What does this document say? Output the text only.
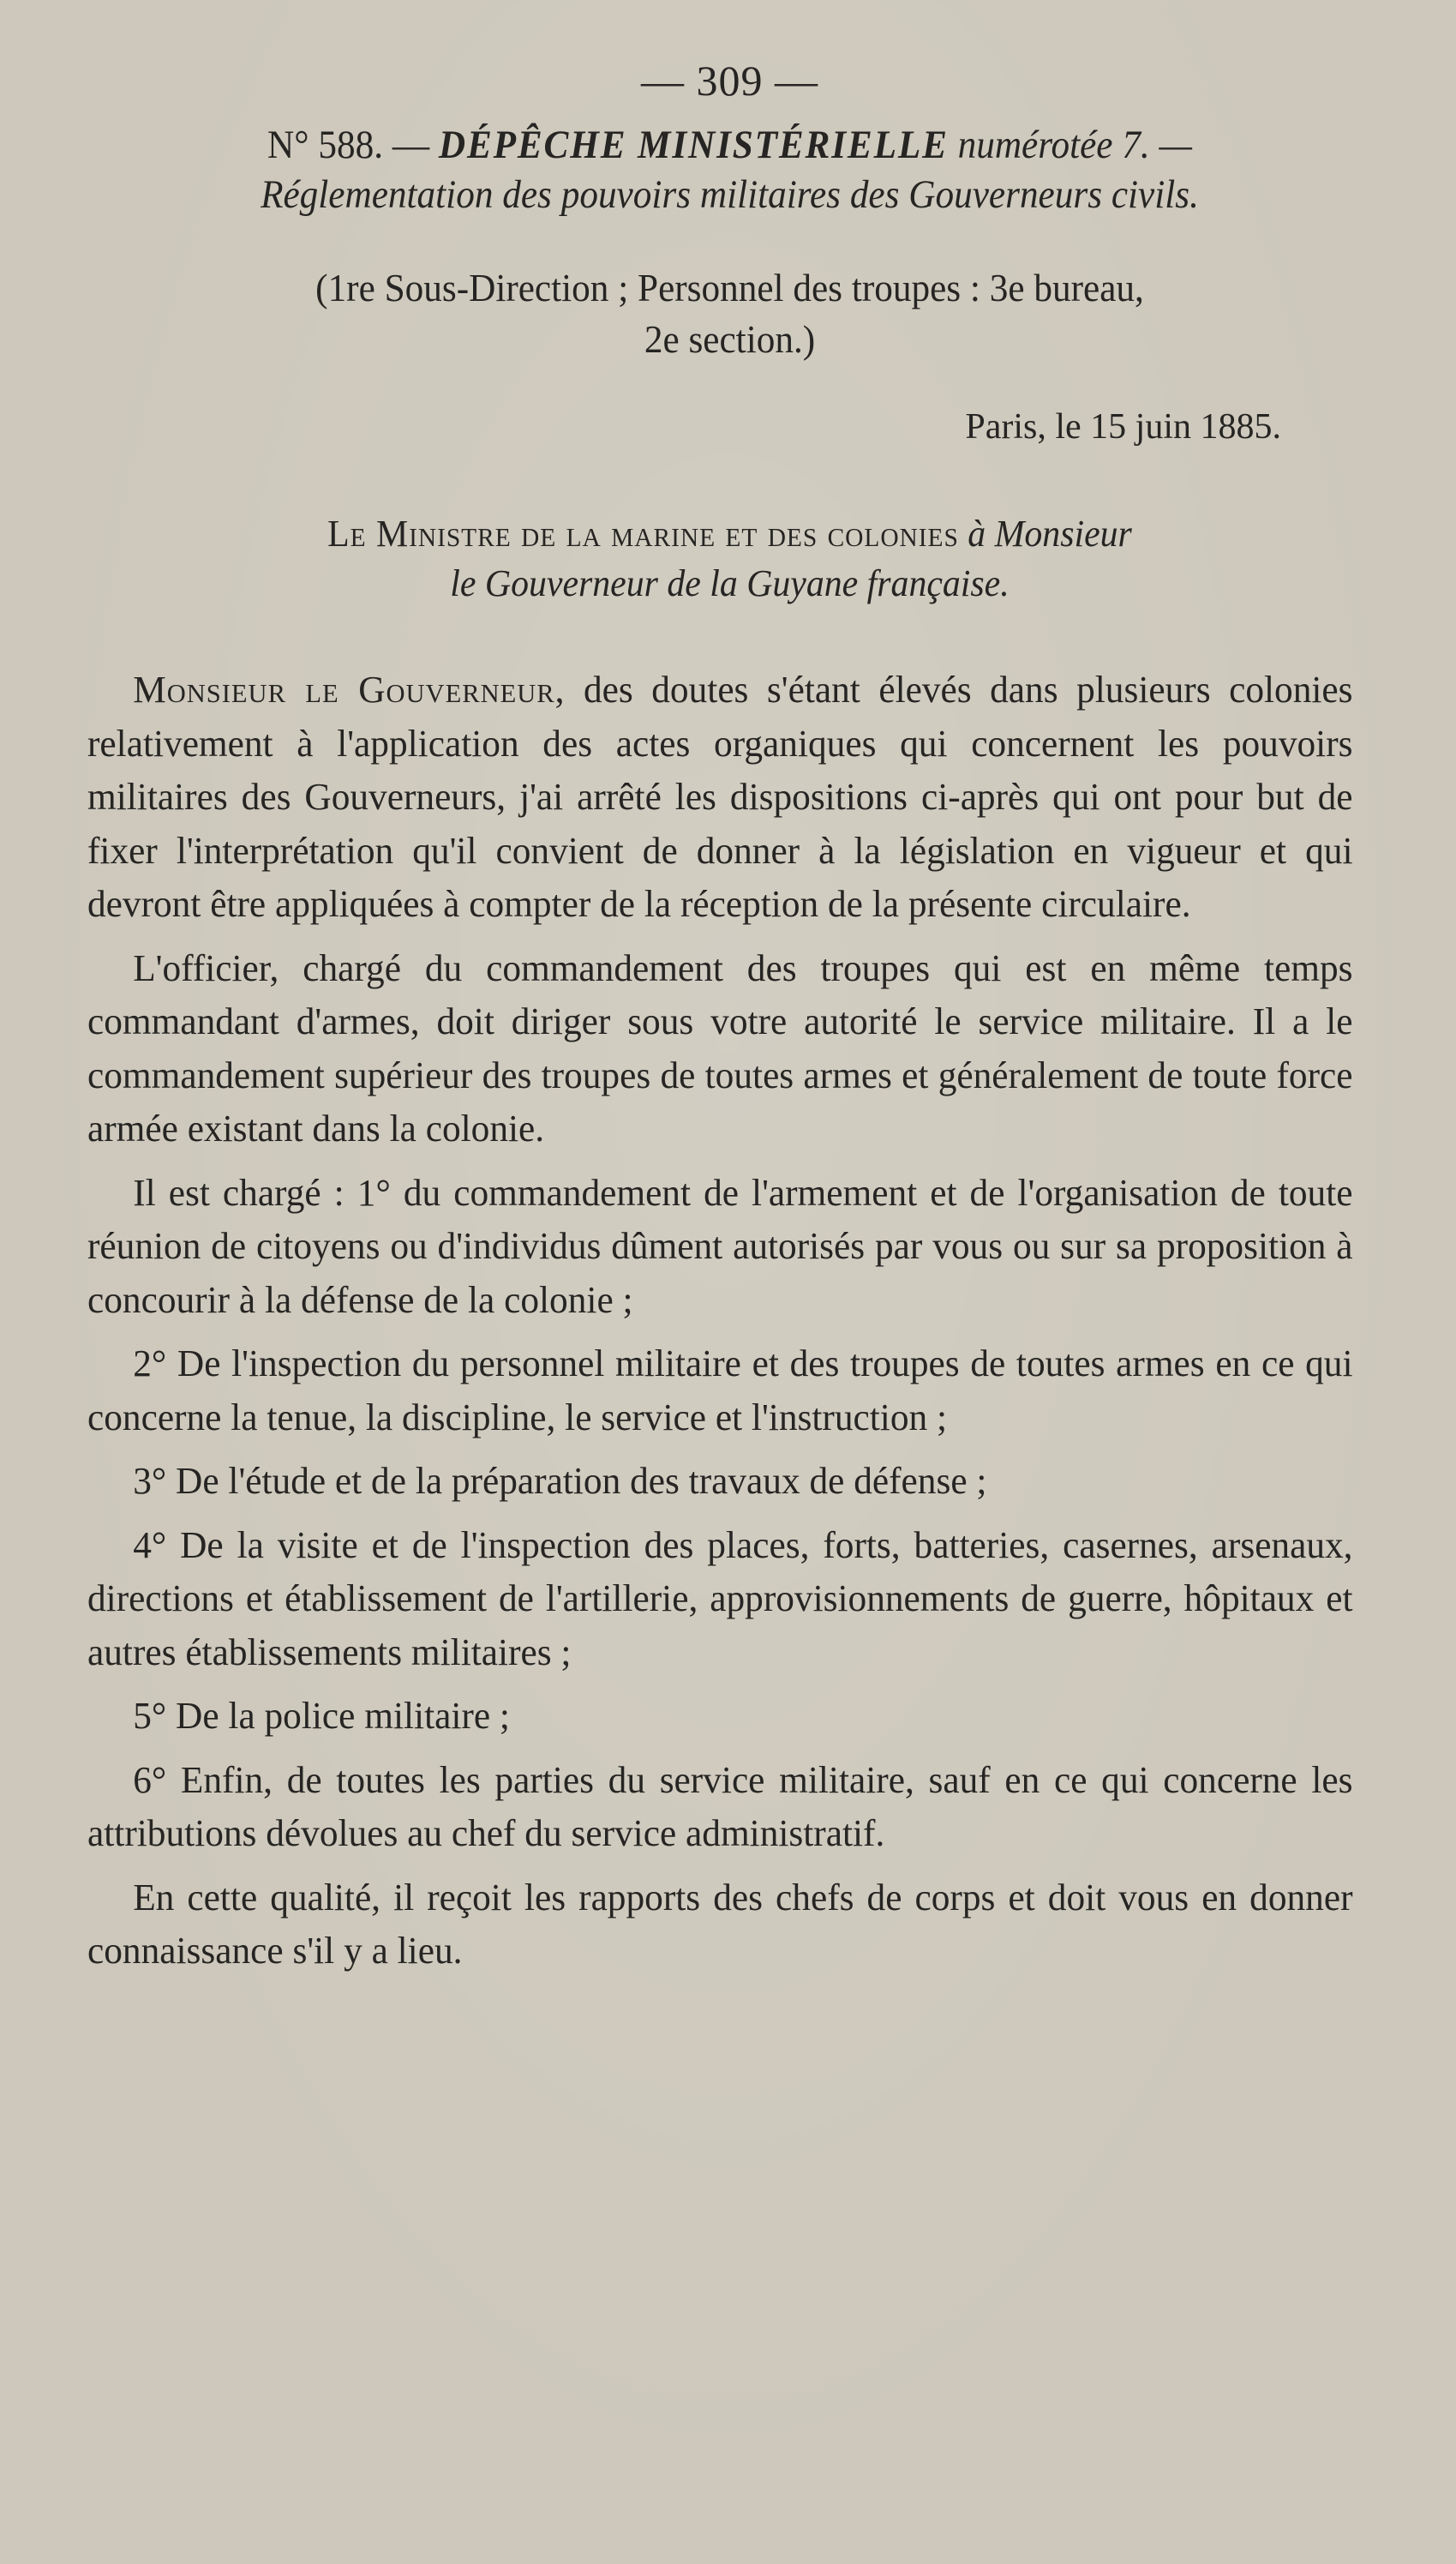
— 309 —
N° 588. — DÉPÊCHE MINISTÉRIELLE numérotée 7. —
Réglementation des pouvoirs militaires des Gouverneurs civils.
(1re Sous-Direction ; Personnel des troupes : 3e bureau,
2e section.)
Paris, le 15 juin 1885.
Le Ministre de la marine et des colonies à Monsieur
le Gouverneur de la Guyane française.

Monsieur le Gouverneur, des doutes s'étant élevés dans plusieurs colonies relativement à l'application des actes organiques qui concernent les pouvoirs militaires des Gouverneurs, j'ai arrêté les dispositions ci-après qui ont pour but de fixer l'interprétation qu'il convient de donner à la législation en vigueur et qui devront être appliquées à compter de la réception de la présente circulaire.

L'officier, chargé du commandement des troupes qui est en même temps commandant d'armes, doit diriger sous votre autorité le service militaire. Il a le commandement supérieur des troupes de toutes armes et généralement de toute force armée existant dans la colonie.

Il est chargé : 1° du commandement de l'armement et de l'organisation de toute réunion de citoyens ou d'individus dûment autorisés par vous ou sur sa proposition à concourir à la défense de la colonie ;

2° De l'inspection du personnel militaire et des troupes de toutes armes en ce qui concerne la tenue, la discipline, le service et l'instruction ;

3° De l'étude et de la préparation des travaux de défense ;

4° De la visite et de l'inspection des places, forts, batteries, casernes, arsenaux, directions et établissement de l'artillerie, approvisionnements de guerre, hôpitaux et autres établissements militaires ;

5° De la police militaire ;

6° Enfin, de toutes les parties du service militaire, sauf en ce qui concerne les attributions dévolues au chef du service administratif.

En cette qualité, il reçoit les rapports des chefs de corps et doit vous en donner connaissance s'il y a lieu.
